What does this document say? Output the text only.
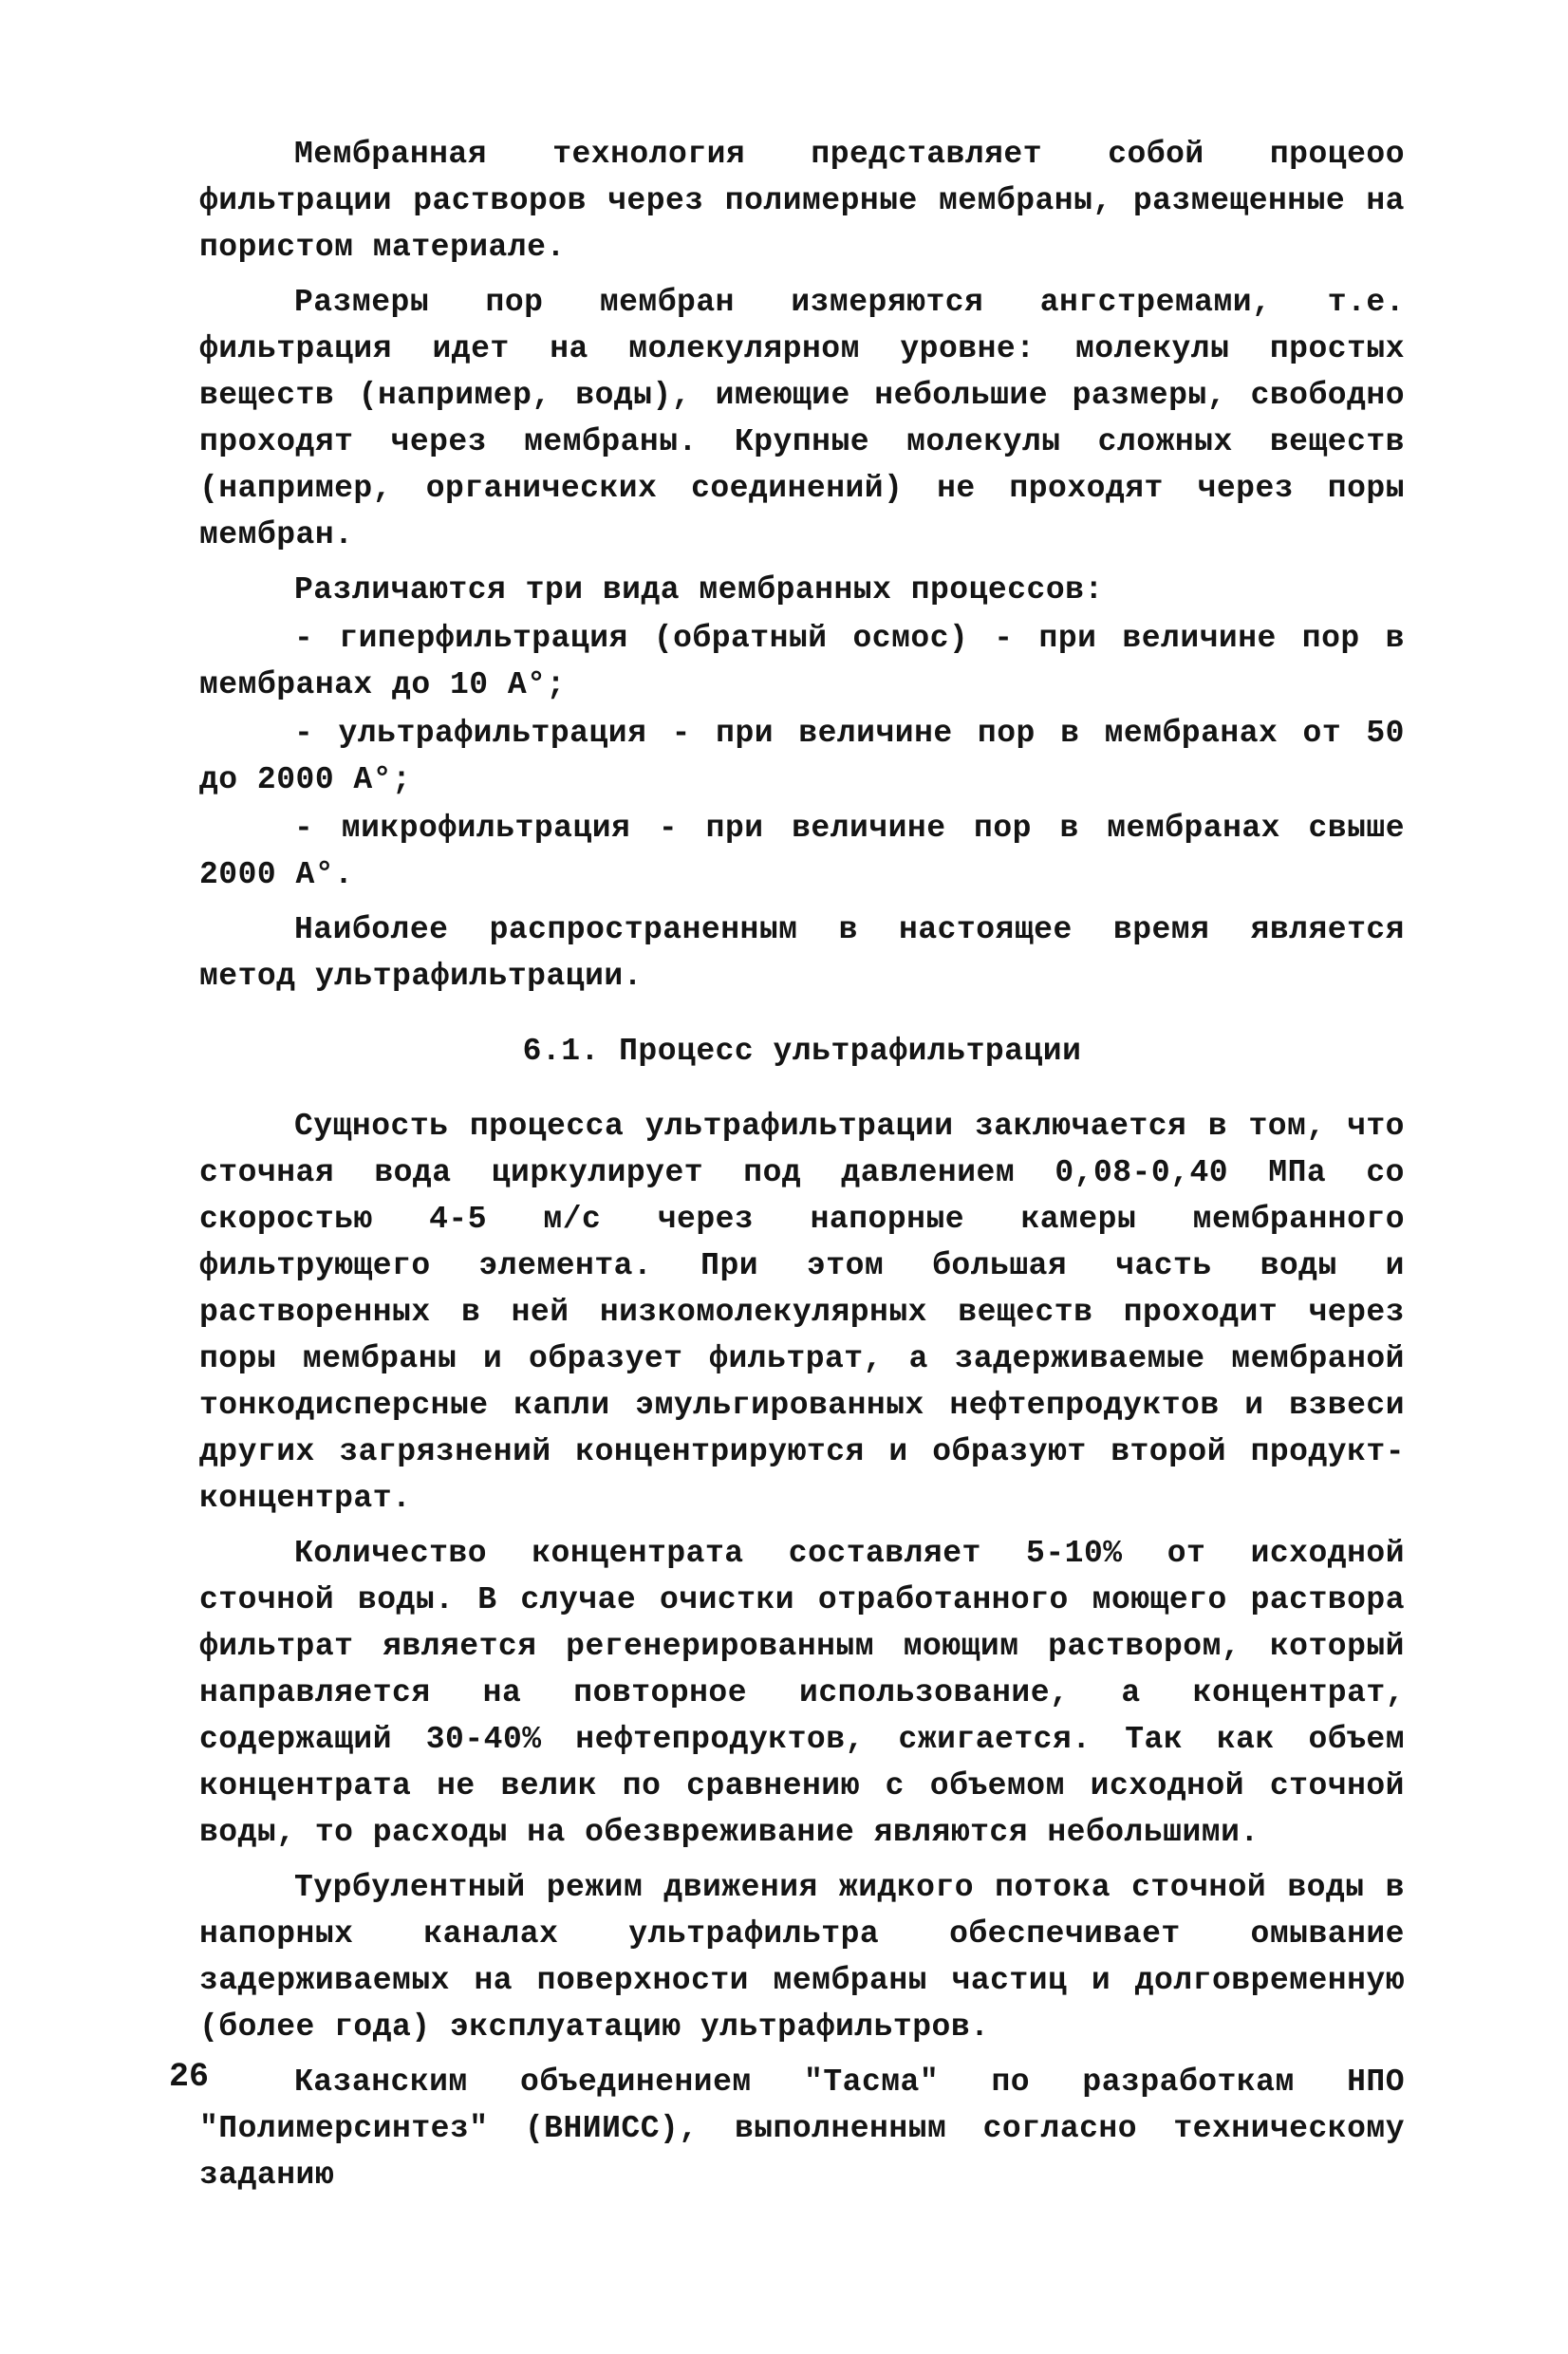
Мембранная технология представляет собой процеоо фильтрации растворов через полимерные мембраны, размещенные на пористом материале.

Размеры пор мембран измеряются ангстремами, т.е. фильтрация идет на молекулярном уровне: молекулы простых веществ (например, воды), имеющие небольшие размеры, свободно проходят через мембраны. Крупные молекулы сложных веществ (например, органических соединений) не проходят через поры мембран.

Различаются три вида мембранных процессов:

- гиперфильтрация (обратный осмос) - при величине пор в мембранах до 10 А°;

- ультрафильтрация - при величине пор в мембранах от 50 до 2000 А°;

- микрофильтрация - при величине пор в мембранах свыше 2000 А°.

Наиболее распространенным в настоящее время является метод ультрафильтрации.

6.1. Процесс ультрафильтрации

Сущность процесса ультрафильтрации заключается в том, что сточная вода циркулирует под давлением 0,08-0,40 МПа со скоростью 4-5 м/с через напорные камеры мембранного фильтрующего элемента. При этом большая часть воды и растворенных в ней низкомолекулярных веществ проходит через поры мембраны и образует фильтрат, а задерживаемые мембраной тонкодисперсные капли эмульгированных нефтепродуктов и взвеси других загрязнений концентрируются и образуют второй продукт- концентрат.

Количество концентрата составляет 5-10% от исходной сточной воды. В случае очистки отработанного моющего раствора фильтрат является регенерированным моющим раствором, который направляется на повторное использование, а концентрат, содержащий 30-40% нефтепродуктов, сжигается. Так как объем концентрата не велик по сравнению с объемом исходной сточной воды, то расходы на обезвреживание являются небольшими.

Турбулентный режим движения жидкого потока сточной воды в напорных каналах ультрафильтра обеспечивает омывание задерживаемых на поверхности мембраны частиц и долговременную (более года) эксплуатацию ультрафильтров.

Казанским объединением "Тасма" по разработкам НПО "Полимерсинтез" (ВНИИСС), выполненным согласно техническому заданию

26
